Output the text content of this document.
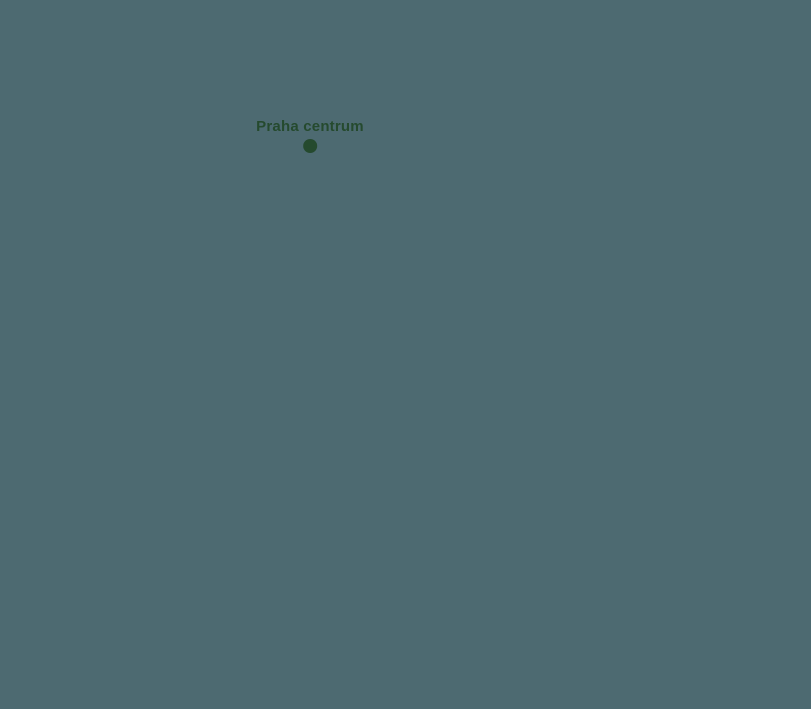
Praha centrum
